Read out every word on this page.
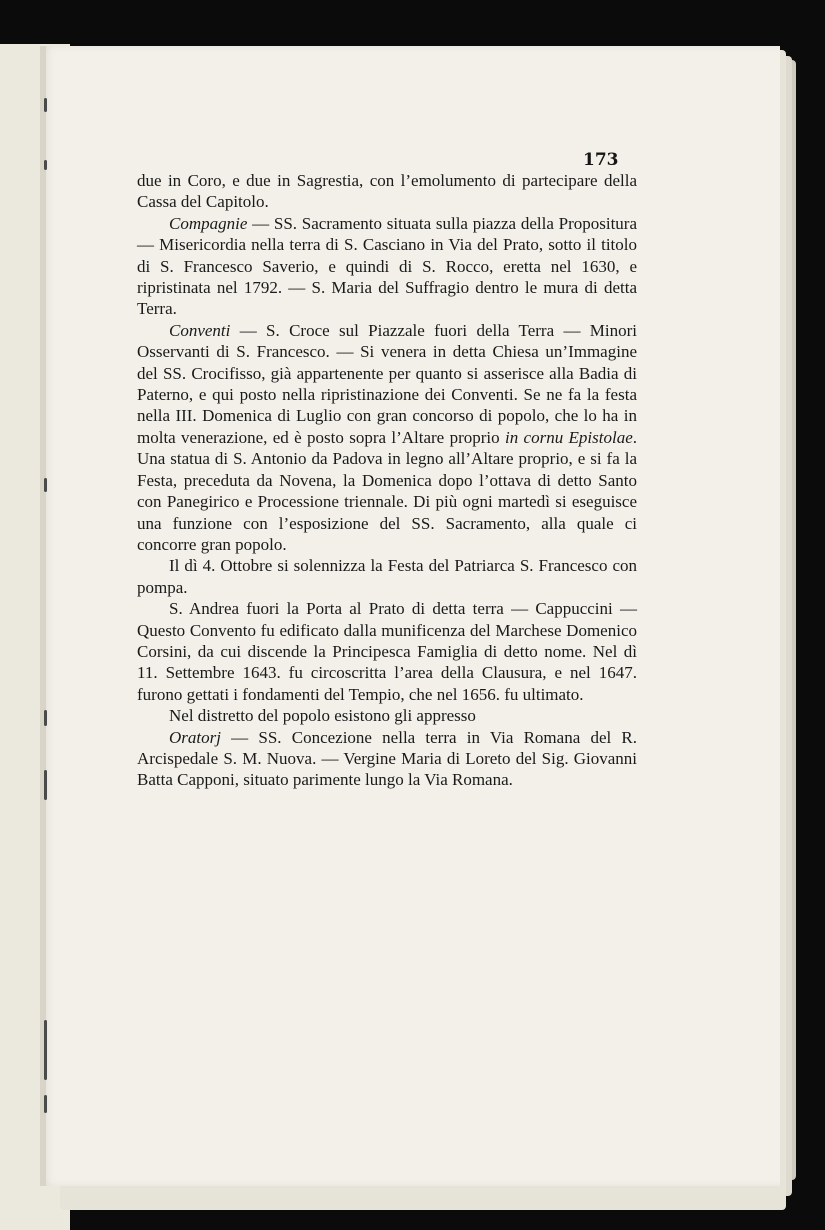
173

due in Coro, e due in Sagrestia, con l’emolumento di partecipare della Cassa del Capitolo.

Compagnie — SS. Sacramento situata sulla piazza della Propositura — Misericordia nella terra di S. Casciano in Via del Prato, sotto il titolo di S. Francesco Saverio, e quindi di S. Rocco, eretta nel 1630, e ripristinata nel 1792. — S. Maria del Suffragio dentro le mura di detta Terra.

Conventi — S. Croce sul Piazzale fuori della Terra — Minori Osservanti di S. Francesco. — Si venera in detta Chiesa un’Immagine del SS. Crocifisso, già appartenente per quanto si asserisce alla Badia di Paterno, e qui posto nella ripristinazione dei Conventi. Se ne fa la festa nella III. Domenica di Luglio con gran concorso di popolo, che lo ha in molta venerazione, ed è posto sopra l’Altare proprio in cornu Epistolae. Una statua di S. Antonio da Padova in legno all’Altare proprio, e si fa la Festa, preceduta da Novena, la Domenica dopo l’ottava di detto Santo con Panegirico e Processione triennale. Di più ogni martedì si eseguisce una funzione con l’esposizione del SS. Sacramento, alla quale ci concorre gran popolo.

Il dì 4. Ottobre si solennizza la Festa del Patriarca S. Francesco con pompa.

S. Andrea fuori la Porta al Prato di detta terra — Cappuccini — Questo Convento fu edificato dalla munificenza del Marchese Domenico Corsini, da cui discende la Principesca Famiglia di detto nome. Nel dì 11. Settembre 1643. fu circoscritta l’area della Clausura, e nel 1647. furono gettati i fondamenti del Tempio, che nel 1656. fu ultimato.

Nel distretto del popolo esistono gli appresso

Oratorj — SS. Concezione nella terra in Via Romana del R. Arcispedale S. M. Nuova. — Vergine Maria di Loreto del Sig. Giovanni Batta Capponi, situato parimente lungo la Via Romana.
